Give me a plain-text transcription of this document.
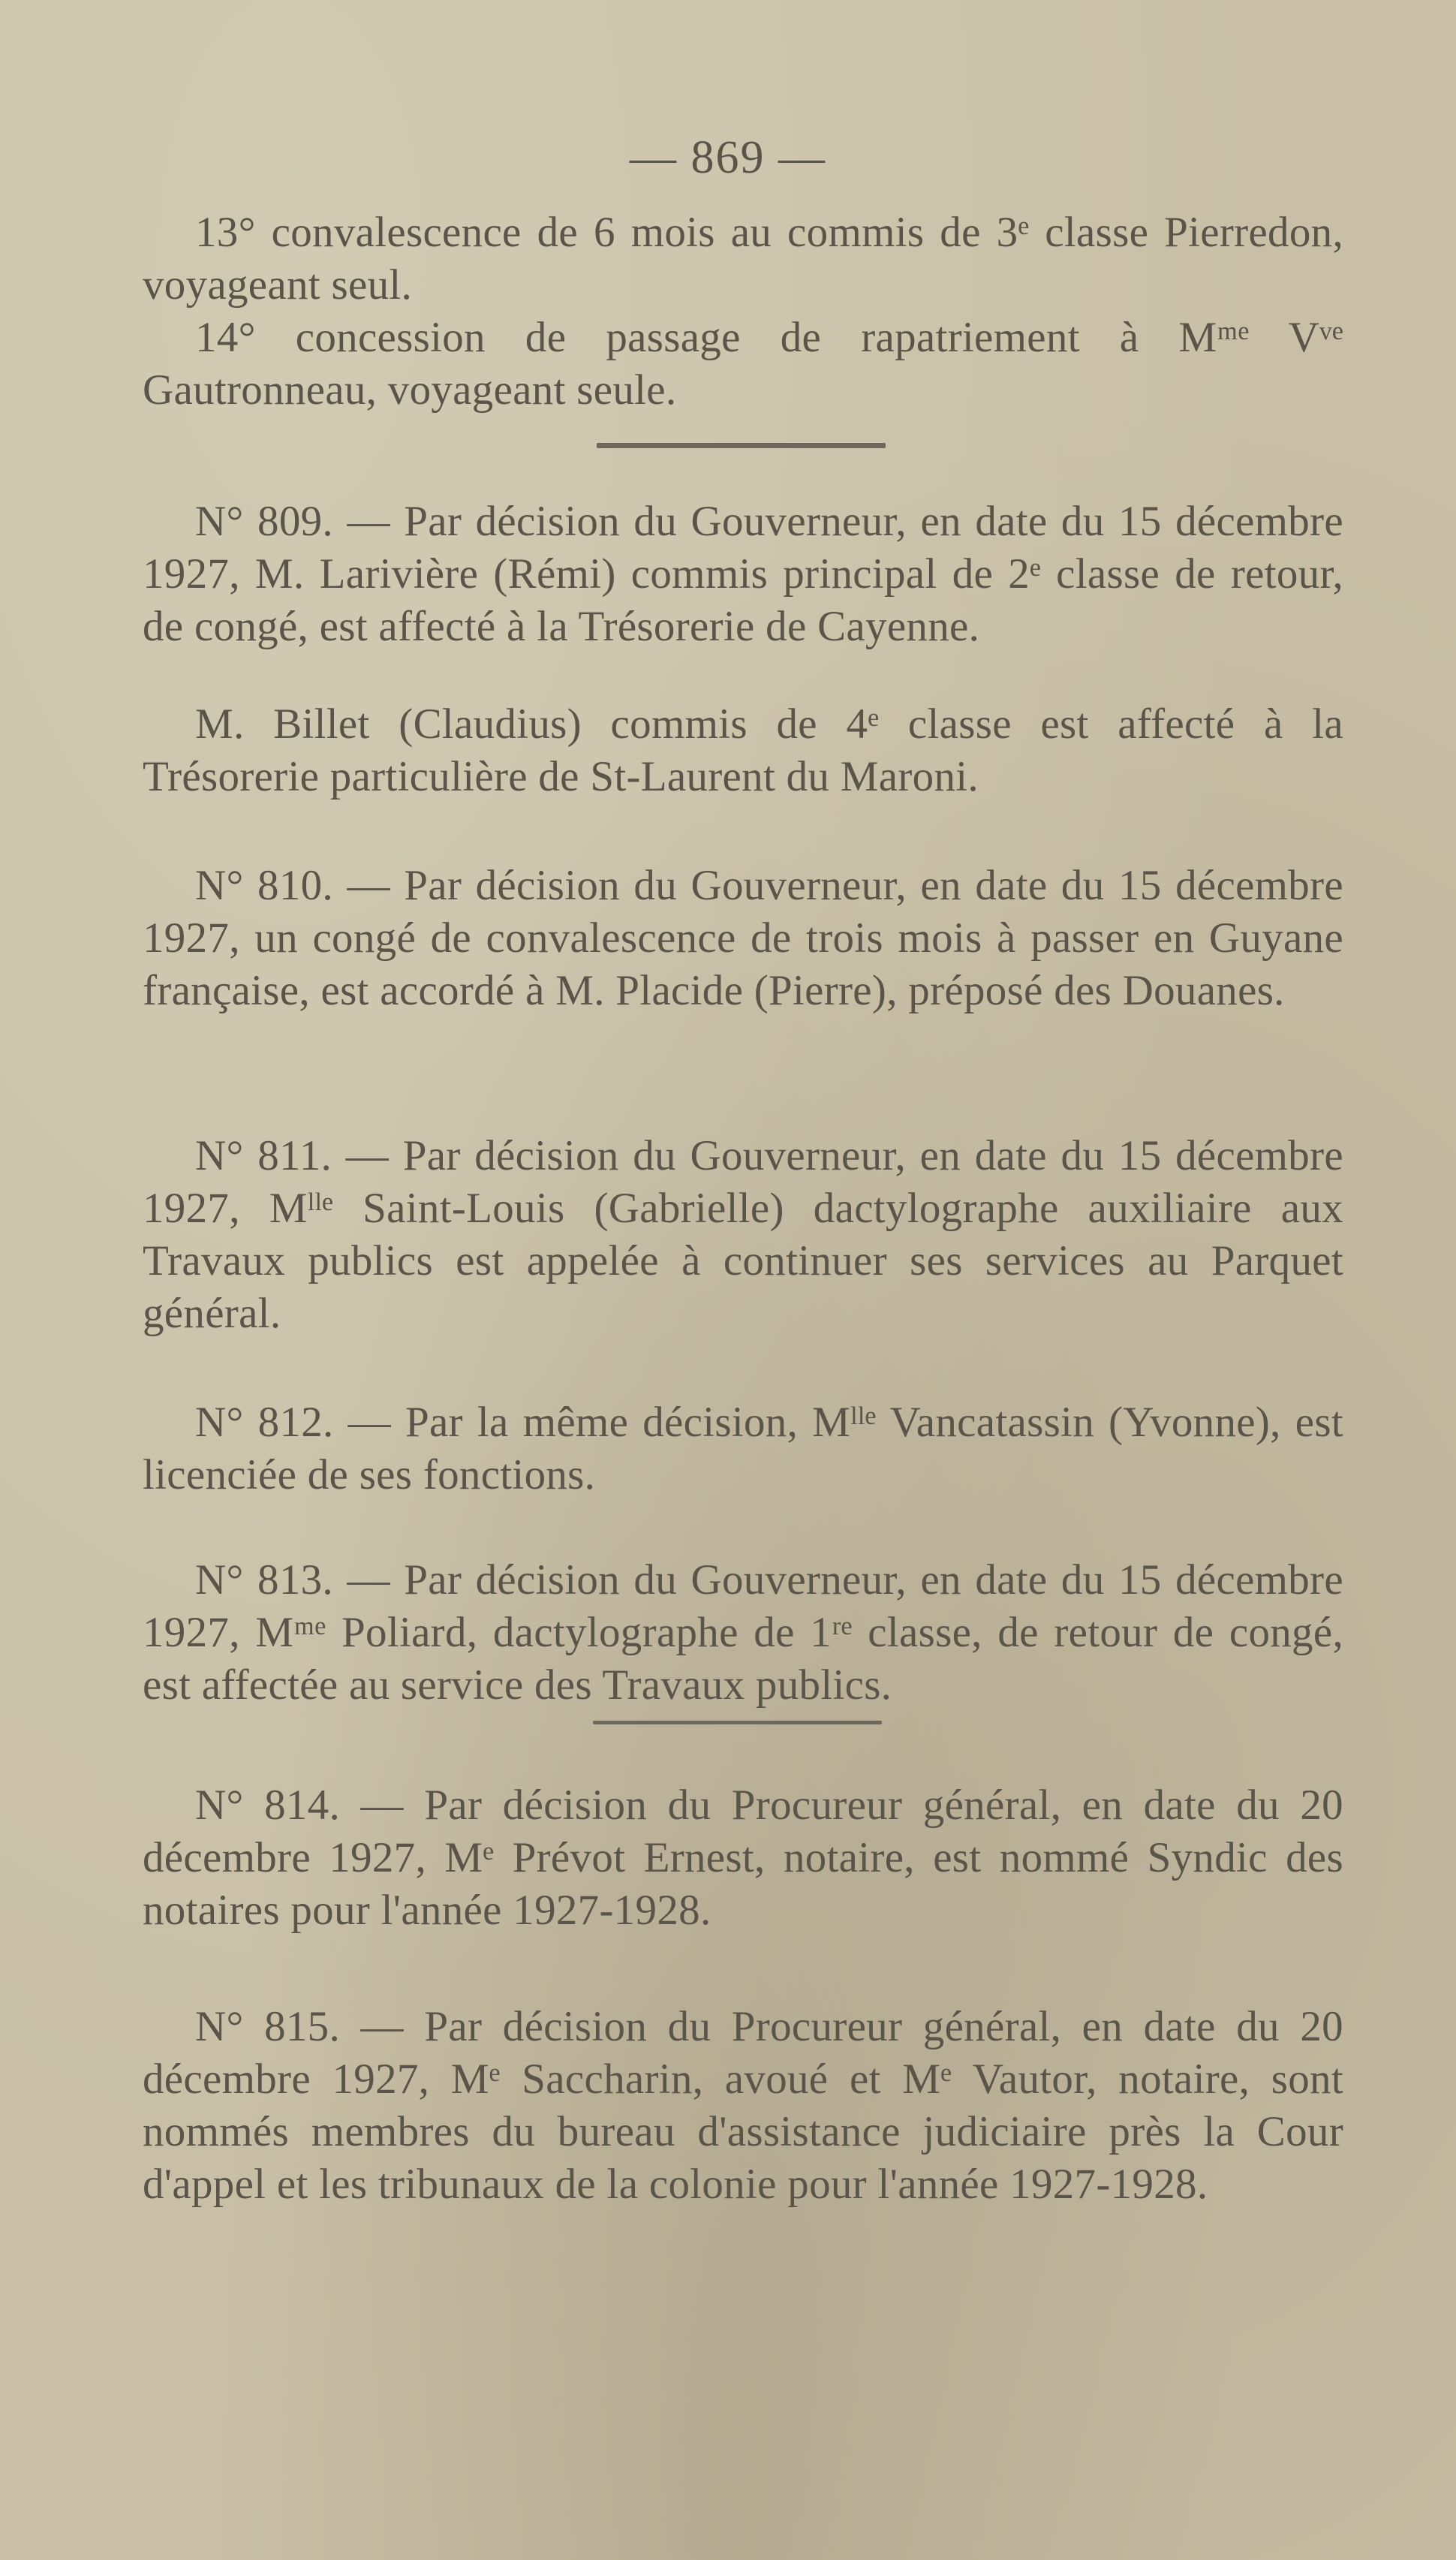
— 869 —

13° convalescence de 6 mois au commis de 3ᵉ classe Pierredon, voyageant seul.

14° concession de passage de rapatriement à Mᵐᵉ Vᵛᵉ Gautronneau, voyageant seule.

N° 809. — Par décision du Gouverneur, en date du 15 décembre 1927, M. Larivière (Rémi) commis principal de 2ᵉ classe de retour, de congé, est affecté à la Trésorerie de Cayenne.

M. Billet (Claudius) commis de 4ᵉ classe est affecté à la Trésorerie particulière de St-Laurent du Maroni.

N° 810. — Par décision du Gouverneur, en date du 15 décembre 1927, un congé de convalescence de trois mois à passer en Guyane française, est accordé à M. Placide (Pierre), préposé des Douanes.

N° 811. — Par décision du Gouverneur, en date du 15 décembre 1927, Mˡˡᵉ Saint-Louis (Gabrielle) dactylographe auxiliaire aux Travaux publics est appelée à continuer ses services au Parquet général.

N° 812. — Par la même décision, Mˡˡᵉ Vancatassin (Yvonne), est licenciée de ses fonctions.

N° 813. — Par décision du Gouverneur, en date du 15 décembre 1927, Mᵐᵉ Poliard, dactylographe de 1ʳᵉ classe, de retour de congé, est affectée au service des Travaux publics.

N° 814. — Par décision du Procureur général, en date du 20 décembre 1927, Mᵉ Prévot Ernest, notaire, est nommé Syndic des notaires pour l'année 1927-1928.

N° 815. — Par décision du Procureur général, en date du 20 décembre 1927, Mᵉ Saccharin, avoué et Mᵉ Vautor, notaire, sont nommés membres du bureau d'assistance judiciaire près la Cour d'appel et les tribunaux de la colonie pour l'année 1927-1928.
